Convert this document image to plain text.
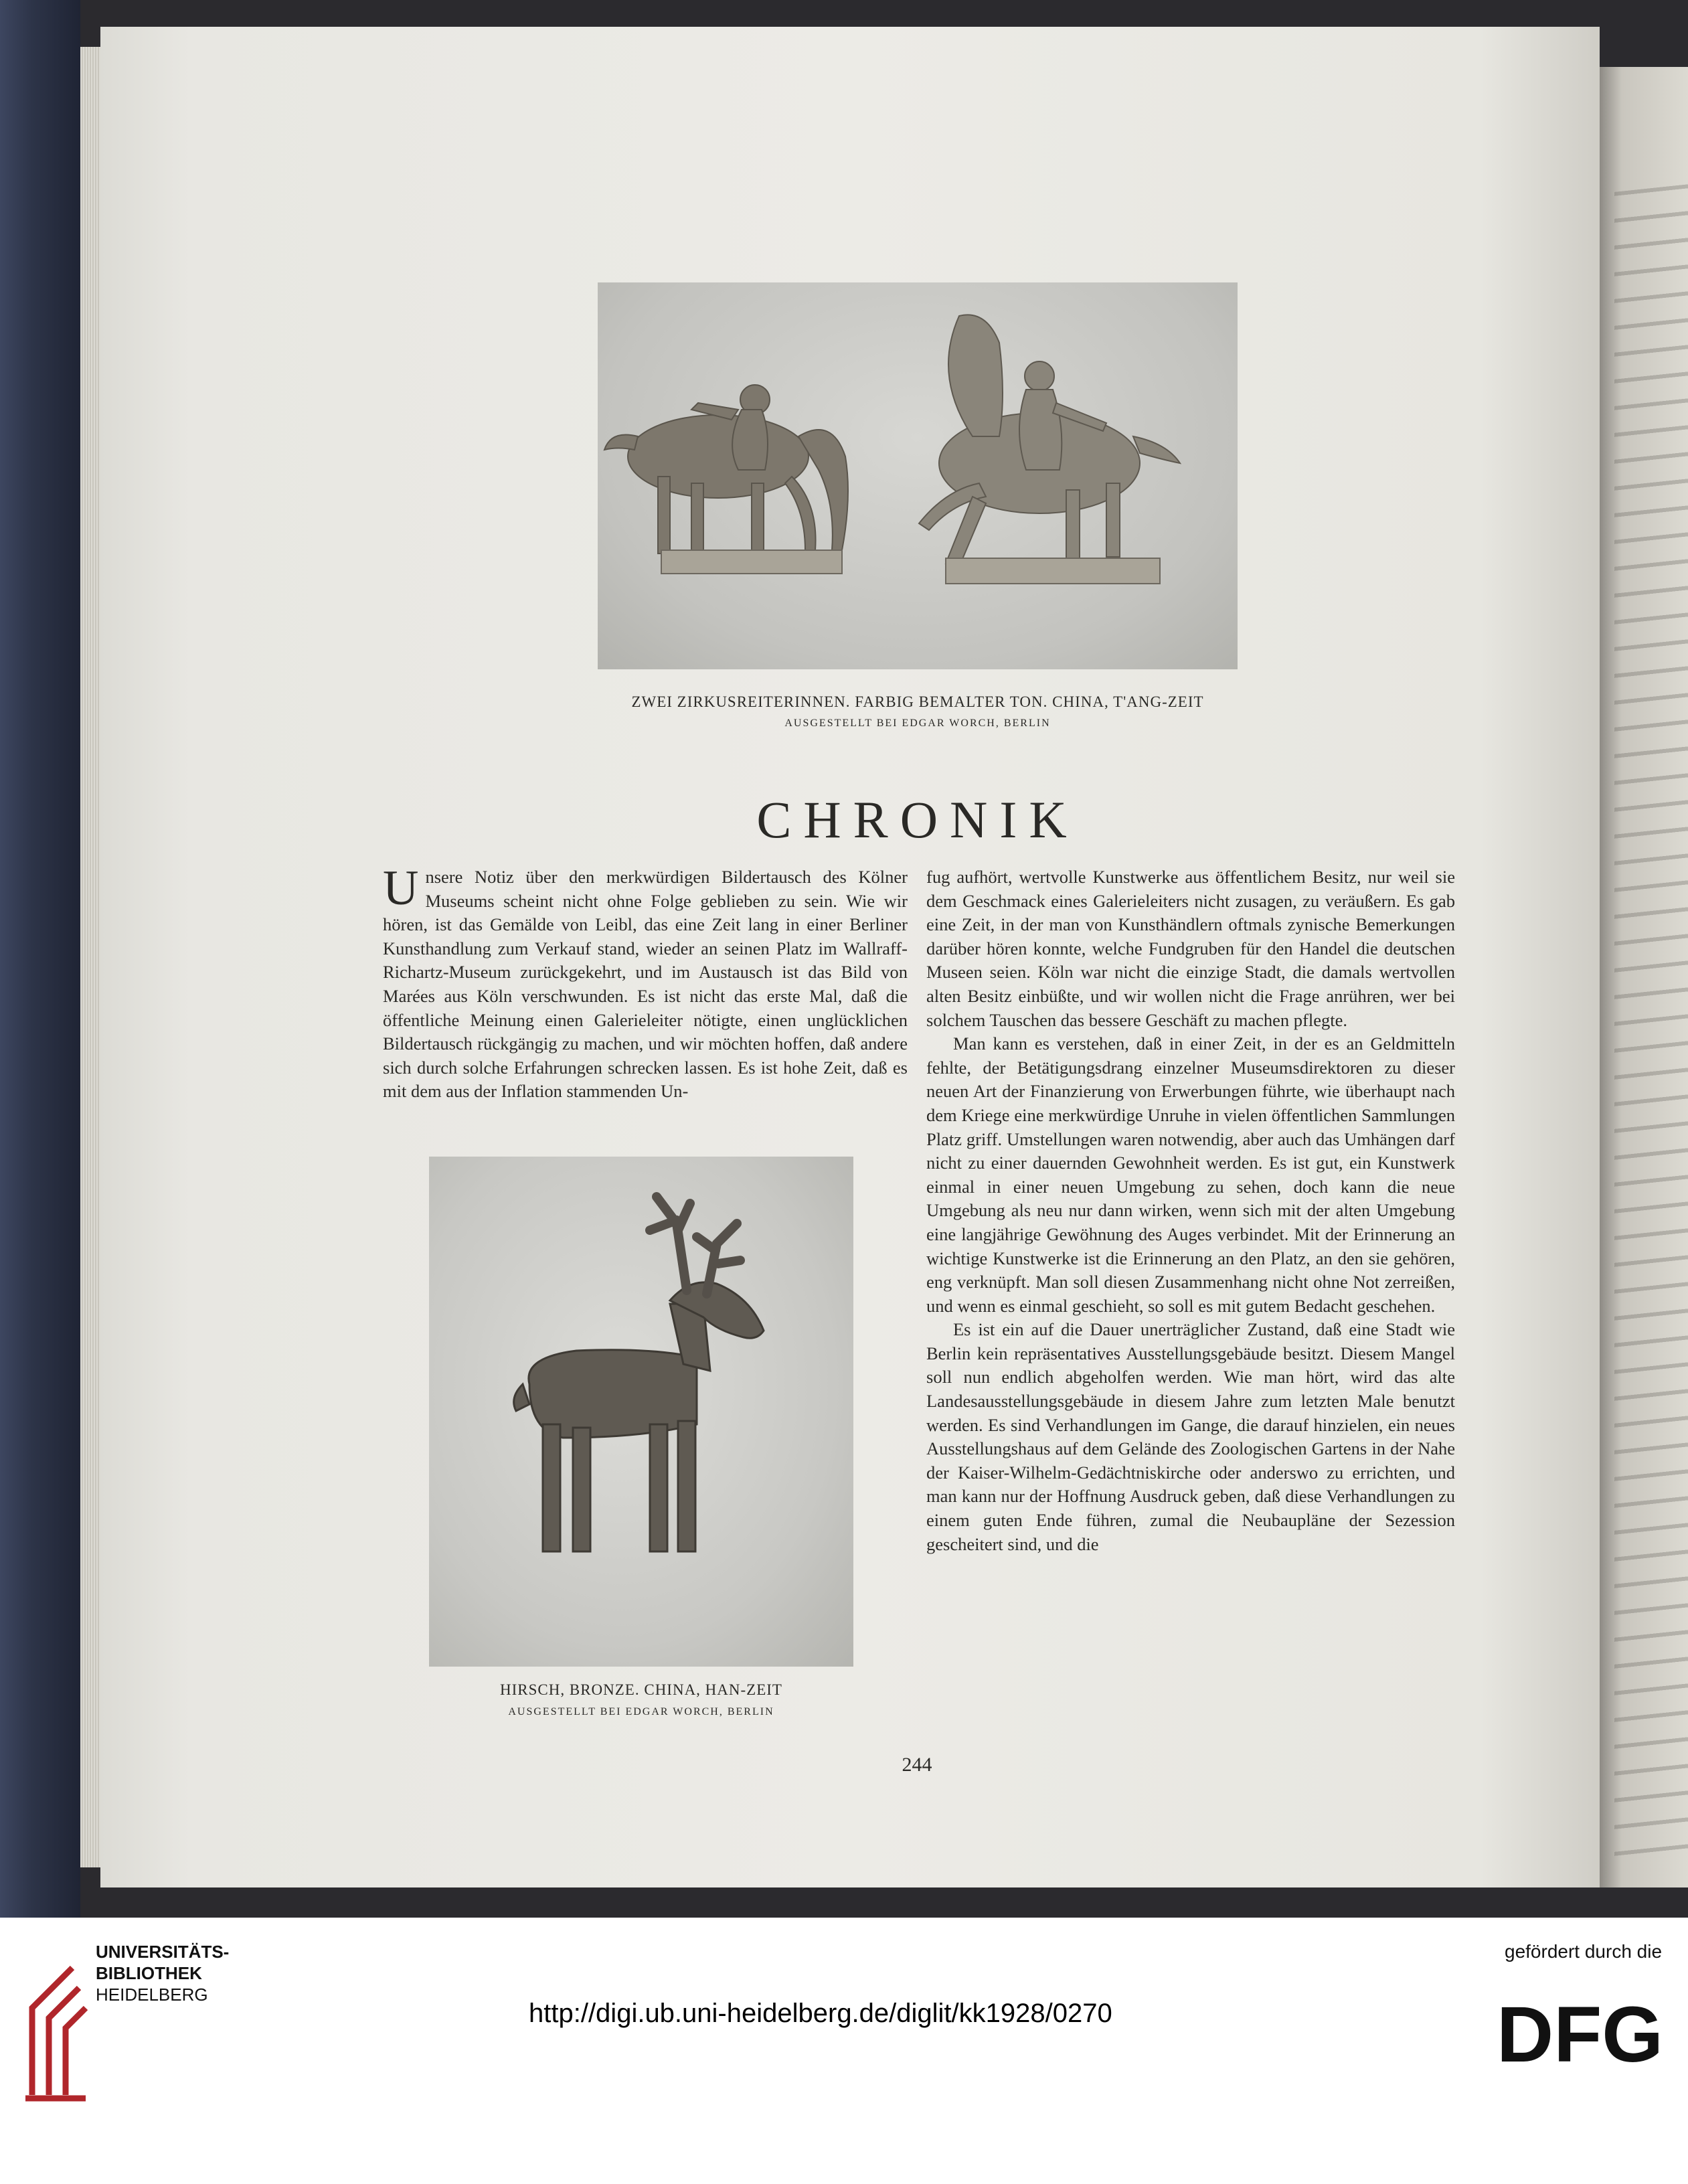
ZWEI ZIRKUSREITERINNEN. FARBIG BEMALTER TON. CHINA, T'ANG-ZEIT
AUSGESTELLT BEI EDGAR WORCH, BERLIN
CHRONIK

Unsere Notiz über den merkwürdigen Bildertausch des Kölner Museums scheint nicht ohne Folge geblieben zu sein. Wie wir hören, ist das Gemälde von Leibl, das eine Zeit lang in einer Berliner Kunsthandlung zum Verkauf stand, wieder an seinen Platz im Wallraff-Richartz-Museum zurückgekehrt, und im Austausch ist das Bild von Marées aus Köln verschwunden. Es ist nicht das erste Mal, daß die öffentliche Meinung einen Galerieleiter nötigte, einen unglücklichen Bildertausch rückgängig zu machen, und wir möchten hoffen, daß andere sich durch solche Erfahrungen schrecken lassen. Es ist hohe Zeit, daß es mit dem aus der Inflation stammenden Un-

HIRSCH, BRONZE. CHINA, HAN-ZEIT
AUSGESTELLT BEI EDGAR WORCH, BERLIN

fug aufhört, wertvolle Kunstwerke aus öffentlichem Besitz, nur weil sie dem Geschmack eines Galerieleiters nicht zusagen, zu veräußern. Es gab eine Zeit, in der man von Kunsthändlern oftmals zynische Bemerkungen darüber hören konnte, welche Fundgruben für den Handel die deutschen Museen seien. Köln war nicht die einzige Stadt, die damals wertvollen alten Besitz einbüßte, und wir wollen nicht die Frage anrühren, wer bei solchem Tauschen das bessere Geschäft zu machen pflegte.

Man kann es verstehen, daß in einer Zeit, in der es an Geldmitteln fehlte, der Betätigungsdrang einzelner Museumsdirektoren zu dieser neuen Art der Finanzierung von Erwerbungen führte, wie überhaupt nach dem Kriege eine merkwürdige Unruhe in vielen öffentlichen Sammlungen Platz griff. Umstellungen waren notwendig, aber auch das Umhängen darf nicht zu einer dauernden Gewohnheit werden. Es ist gut, ein Kunstwerk einmal in einer neuen Umgebung zu sehen, doch kann die neue Umgebung als neu nur dann wirken, wenn sich mit der alten Umgebung eine langjährige Gewöhnung des Auges verbindet. Mit der Erinnerung an wichtige Kunstwerke ist die Erinnerung an den Platz, an den sie gehören, eng verknüpft. Man soll diesen Zusammenhang nicht ohne Not zerreißen, und wenn es einmal geschieht, so soll es mit gutem Bedacht geschehen.

Es ist ein auf die Dauer unerträglicher Zustand, daß eine Stadt wie Berlin kein repräsentatives Ausstellungsgebäude besitzt. Diesem Mangel soll nun endlich abgeholfen werden. Wie man hört, wird das alte Landesausstellungsgebäude in diesem Jahre zum letzten Male benutzt werden. Es sind Verhandlungen im Gange, die darauf hinzielen, ein neues Ausstellungshaus auf dem Gelände des Zoologischen Gartens in der Nahe der Kaiser-Wilhelm-Gedächtniskirche oder anderswo zu errichten, und man kann nur der Hoffnung Ausdruck geben, daß diese Verhandlungen zu einem guten Ende führen, zumal die Neubaupläne der Sezession gescheitert sind, und die

244
UNIVERSITÄTS-
BIBLIOTHEK
HEIDELBERG
http://digi.ub.uni-heidelberg.de/diglit/kk1928/0270
gefördert durch die
DFG
